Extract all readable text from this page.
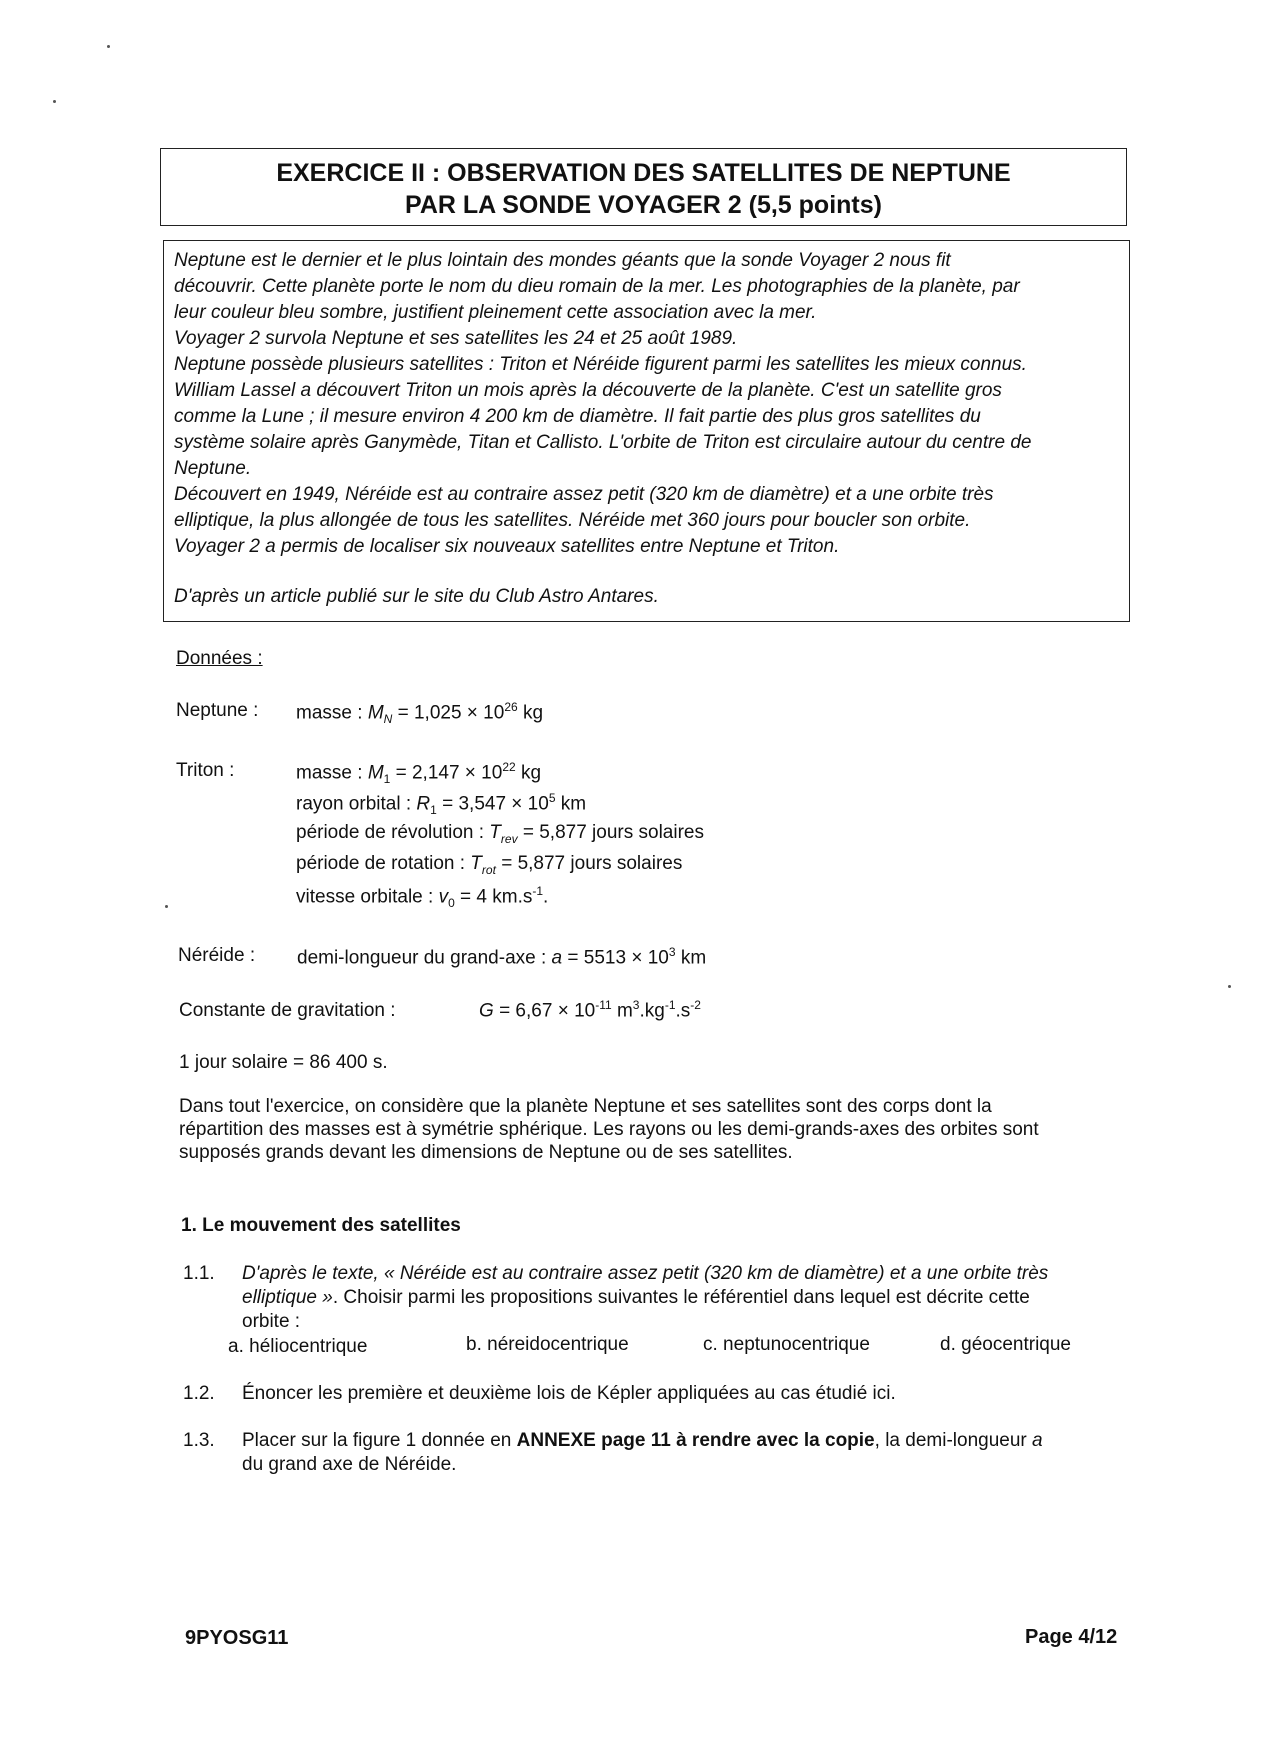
EXERCICE II : OBSERVATION DES SATELLITES DE NEPTUNE
PAR LA SONDE VOYAGER 2 (5,5 points)
Neptune est le dernier et le plus lointain des mondes géants que la sonde Voyager 2 nous fit
découvrir. Cette planète porte le nom du dieu romain de la mer. Les photographies de la planète, par
leur couleur bleu sombre, justifient pleinement cette association avec la mer.
Voyager 2 survola Neptune et ses satellites les 24 et 25 août 1989.
Neptune possède plusieurs satellites : Triton et Néréide figurent parmi les satellites les mieux connus.
William Lassel a découvert Triton un mois après la découverte de la planète. C'est un satellite gros
comme la Lune ; il mesure environ 4 200 km de diamètre. Il fait partie des plus gros satellites du
système solaire après Ganymède, Titan et Callisto. L'orbite de Triton est circulaire autour du centre de
Neptune.
Découvert en 1949, Néréide est au contraire assez petit (320 km de diamètre) et a une orbite très
elliptique, la plus allongée de tous les satellites. Néréide met 360 jours pour boucler son orbite.
Voyager 2 a permis de localiser six nouveaux satellites entre Neptune et Triton.
D'après un article publié sur le site du Club Astro Antares.
Données :
Neptune : masse : $M_N = 1,025 \times 10^{26}$ kg
Triton :	masse : $M_1 = 2,147 \times 10^{22}$ kg
rayon orbital : $R_1 = 3,547 \times 10^5$ km
période de révolution : $T_{rev} = 5,877$ jours solaires
période de rotation : $T_{rot} = 5,877$ jours solaires
vitesse orbitale : $v_0 = 4$ $km.s^{-1}$.
Néréide : demi-longueur du grand-axe : $a = 5513 \times 10^3$ km
Constante de gravitation :	$G = 6,67 \times 10^{-11}$ $m^3.kg^{-1}.s^{-2}$
1 jour solaire = 86 400 s.
Dans tout l'exercice, on considère que la planète Neptune et ses satellites sont des corps dont la
répartition des masses est à symétrie sphérique. Les rayons ou les demi-grands-axes des orbites sont
supposés grands devant les dimensions de Neptune ou de ses satellites.
1. Le mouvement des satellites
1.1. D'après le texte, « Néréide est au contraire assez petit (320 km de diamètre) et a une orbite très
elliptique ». Choisir parmi les propositions suivantes le référentiel dans lequel est décrite cette
orbite :
a. héliocentrique	b. néreidocentrique	c. neptunocentrique	d. géocentrique
1.2. Énoncer les première et deuxième lois de Képler appliquées au cas étudié ici.
1.3. Placer sur la figure 1 donnée en ANNEXE page 11 à rendre avec la copie, la demi-longueur a
du grand axe de Néréide.
9PYOSG11	Page 4/12
